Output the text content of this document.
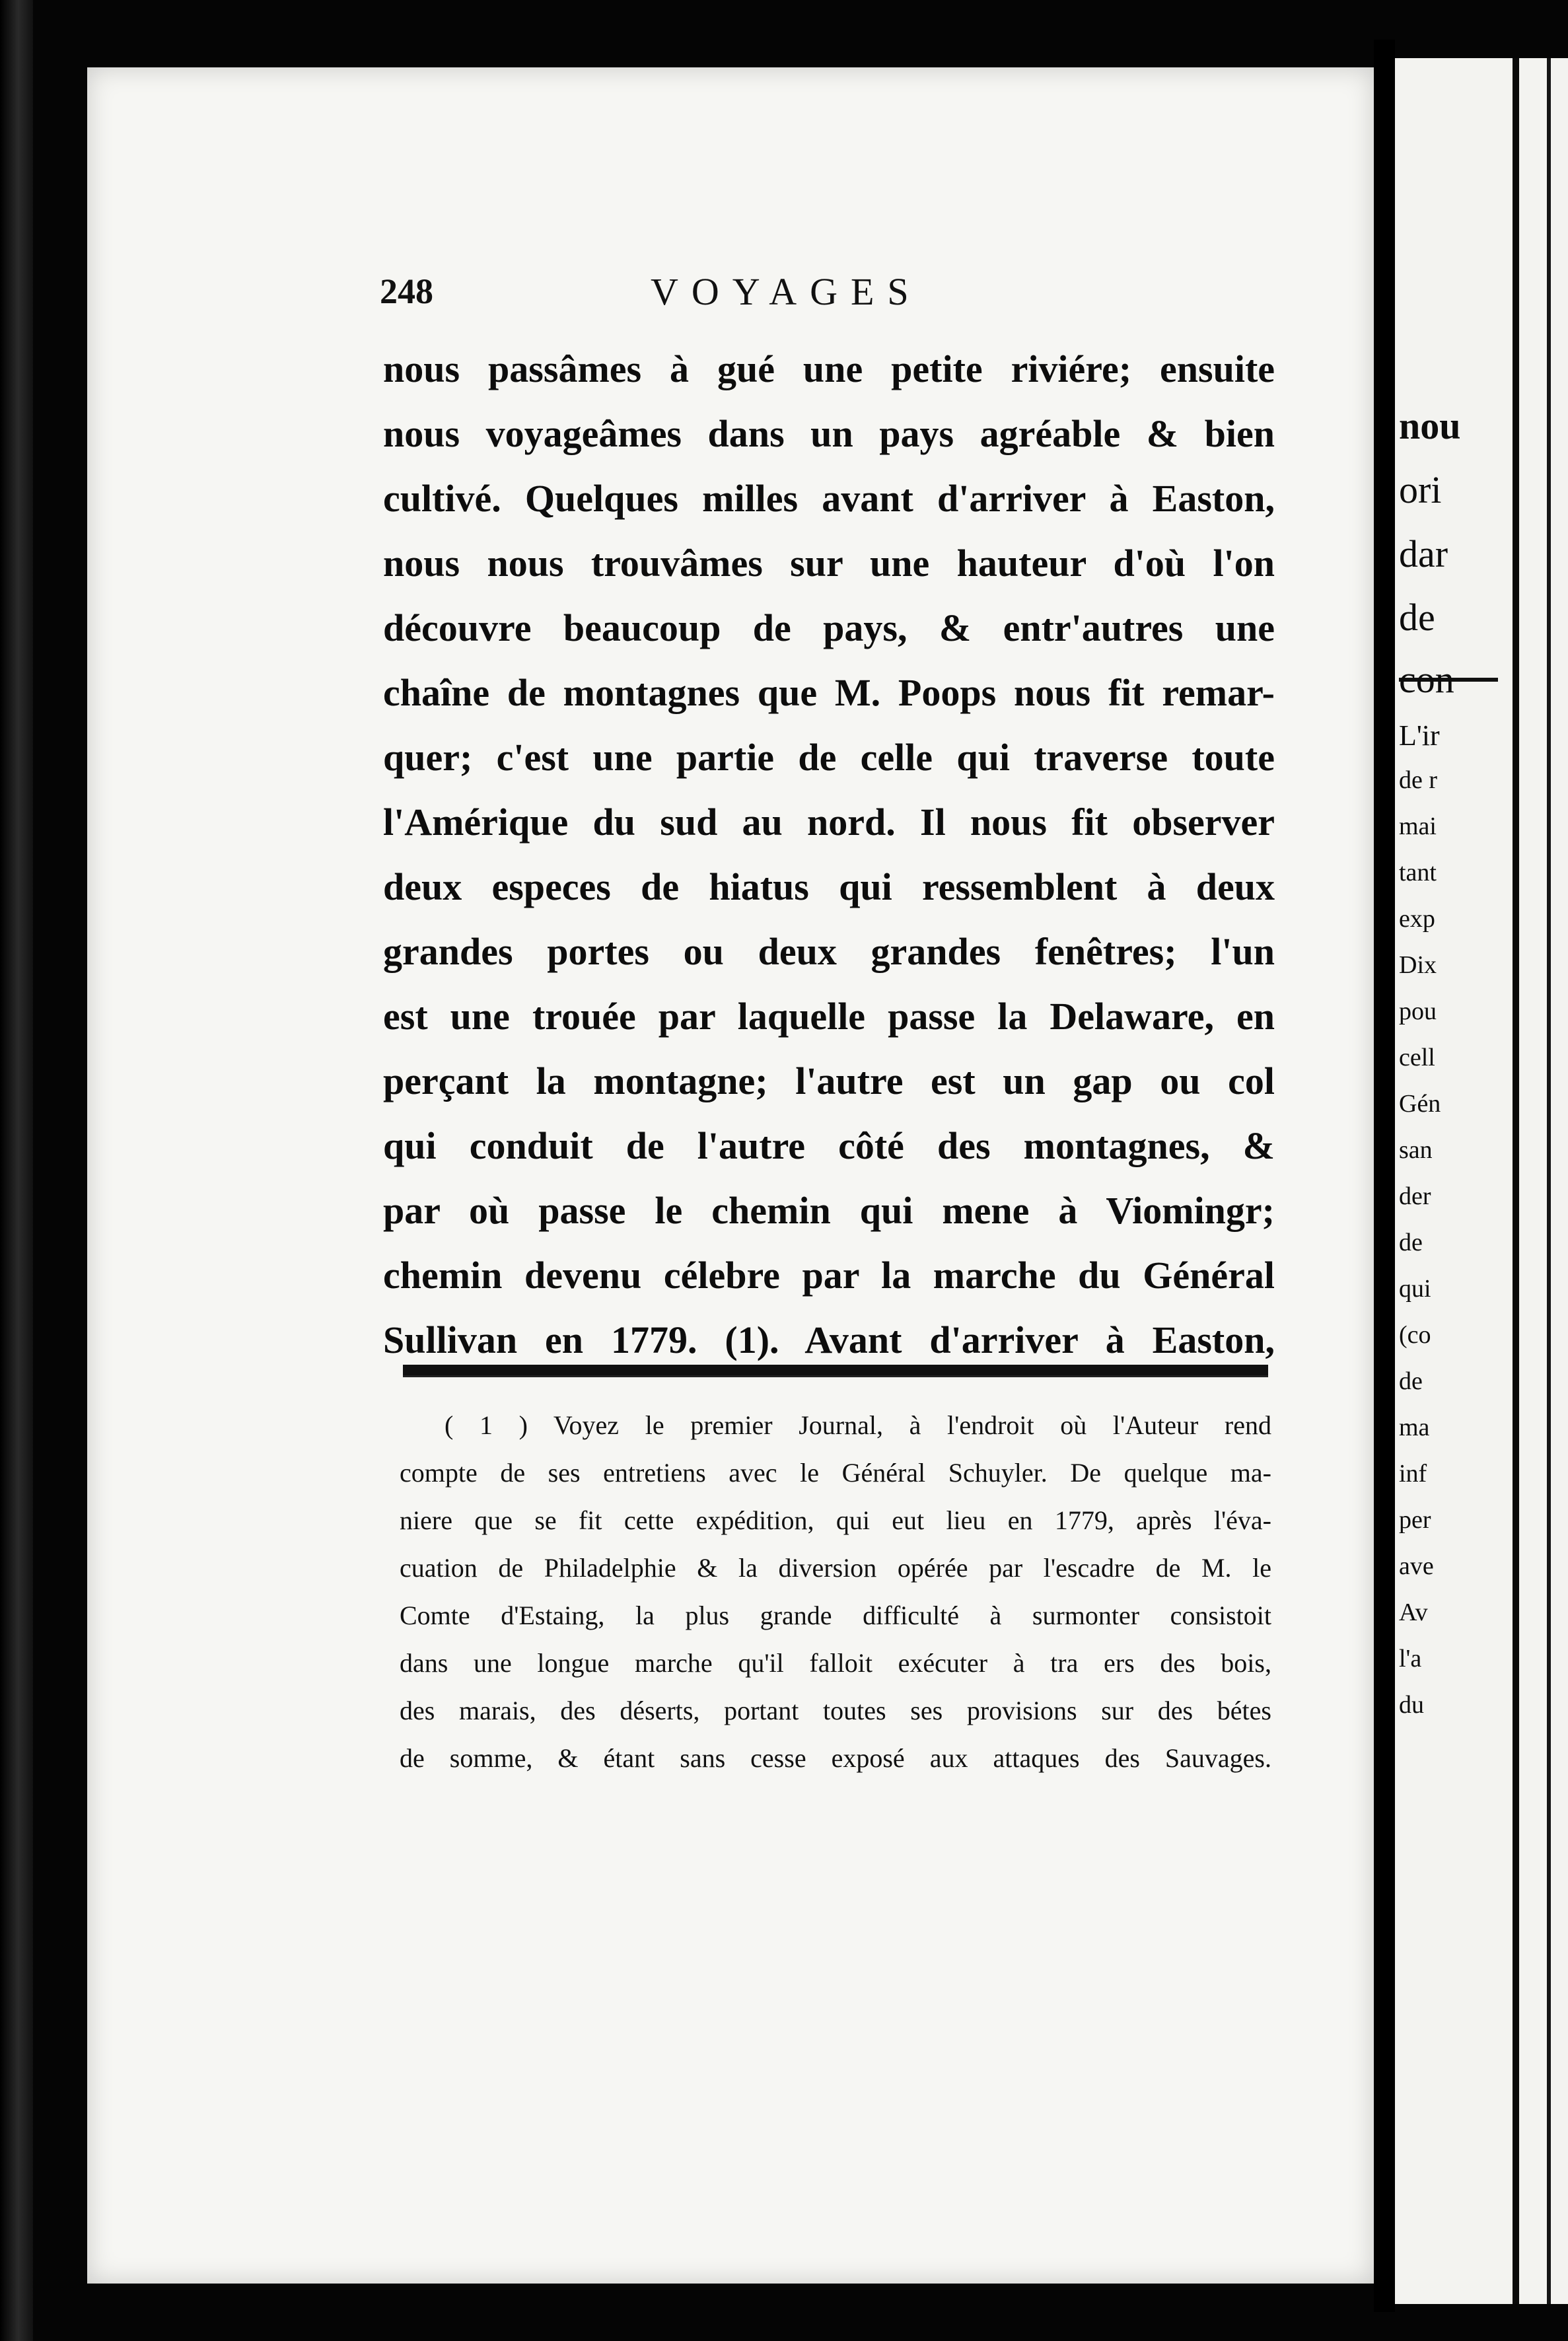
248	VOYAGES
nous passâmes à gué une petite riviére; ensuite
nous voyageâmes dans un pays agréable & bien
cultivé. Quelques milles avant d'arriver à Easton,
nous nous trouvâmes sur une hauteur d'où l'on
découvre beaucoup de pays, & entr'autres une
chaîne de montagnes que M. Poops nous fit remar-
quer; c'est une partie de celle qui traverse toute
l'Amérique du sud au nord. Il nous fit observer
deux especes de hiatus qui ressemblent à deux
grandes portes ou deux grandes fenêtres; l'un
est une trouée par laquelle passe la Delaware, en
perçant la montagne; l'autre est un gap ou col
qui conduit de l'autre côté des montagnes, &
par où passe le chemin qui mene à Viomingr;
chemin devenu célebre par la marche du Général
Sullivan en 1779. (1). Avant d'arriver à Easton,
( 1 ) Voyez le premier Journal, à l'endroit où l'Auteur rend
compte de ses entretiens avec le Général Schuyler. De quelque ma-
niere que se fit cette expédition, qui eut lieu en 1779, après l'éva-
cuation de Philadelphie & la diversion opérée par l'escadre de M. le
Comte d'Estaing, la plus grande difficulté à surmonter consistoit
dans une longue marche qu'il falloit exécuter à tra ers des bois,
des marais, des déserts, portant toutes ses provisions sur des bétes
de somme, & étant sans cesse exposé aux attaques des Sauvages.
nou
ori
dar
de
con
L'ir
de r
mai
tant
exp
Dix
pou
cell
Gén
san
der
de
qui
(co
de
ma
inf
per
ave
Av
l'a
du
